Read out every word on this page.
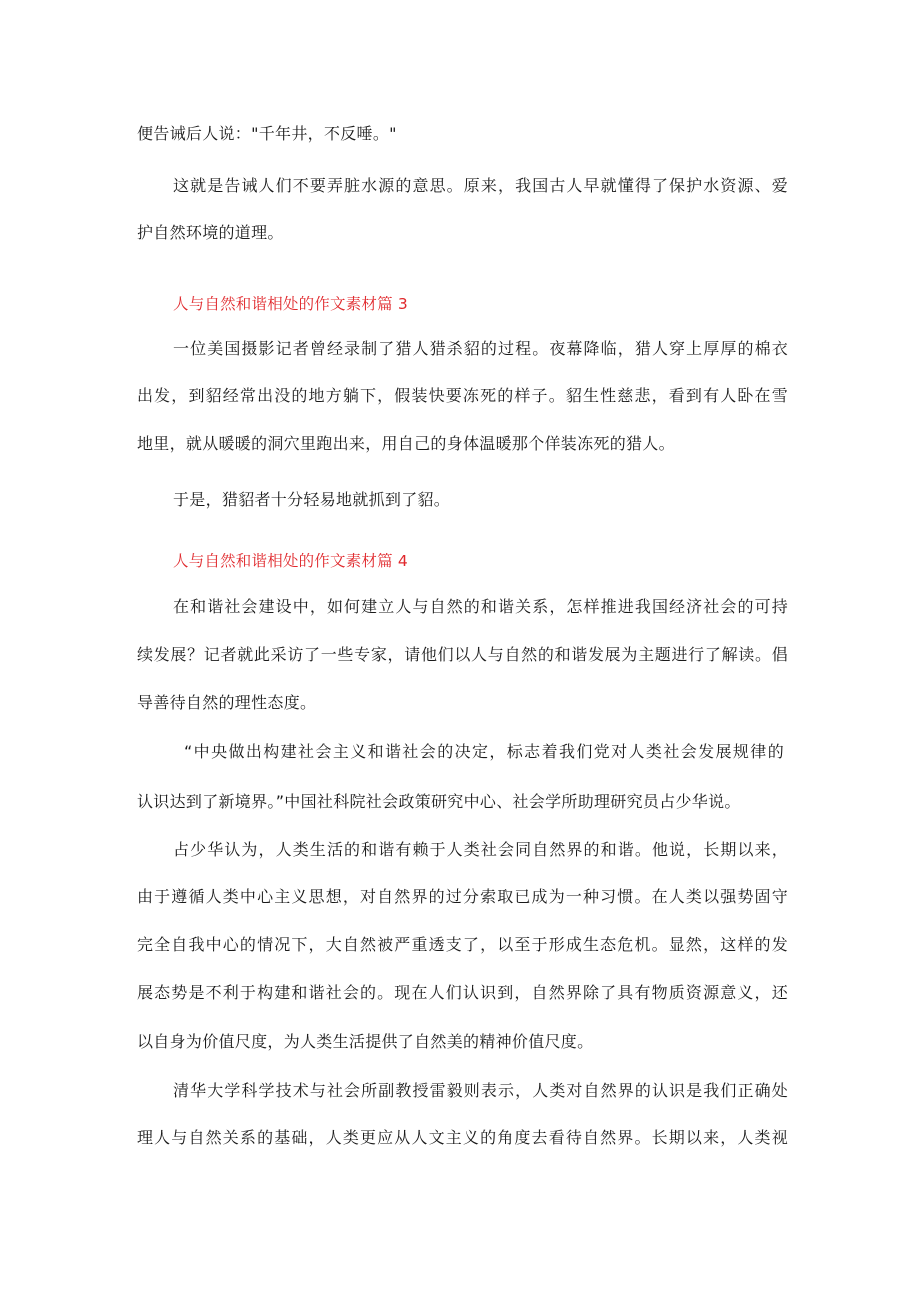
便告诫后人说："千年井，不反唾。"
这就是告诫人们不要弄脏水源的意思。原来，我国古人早就懂得了保护水资源、爱
护自然环境的道理。
人与自然和谐相处的作文素材篇 3
一位美国摄影记者曾经录制了猎人猎杀貂的过程。夜幕降临，猎人穿上厚厚的棉衣
出发，到貂经常出没的地方躺下，假装快要冻死的样子。貂生性慈悲，看到有人卧在雪
地里，就从暖暖的洞穴里跑出来，用自己的身体温暖那个佯装冻死的猎人。
于是，猎貂者十分轻易地就抓到了貂。
人与自然和谐相处的作文素材篇 4
在和谐社会建设中，如何建立人与自然的和谐关系，怎样推进我国经济社会的可持
续发展？记者就此采访了一些专家，请他们以人与自然的和谐发展为主题进行了解读。倡
导善待自然的理性态度。
“中央做出构建社会主义和谐社会的决定，标志着我们党对人类社会发展规律的
认识达到了新境界。”中国社科院社会政策研究中心、社会学所助理研究员占少华说。
占少华认为，人类生活的和谐有赖于人类社会同自然界的和谐。他说，长期以来，
由于遵循人类中心主义思想，对自然界的过分索取已成为一种习惯。在人类以强势固守
完全自我中心的情况下，大自然被严重透支了，以至于形成生态危机。显然，这样的发
展态势是不利于构建和谐社会的。现在人们认识到，自然界除了具有物质资源意义，还
以自身为价值尺度，为人类生活提供了自然美的精神价值尺度。
清华大学科学技术与社会所副教授雷毅则表示，人类对自然界的认识是我们正确处
理人与自然关系的基础，人类更应从人文主义的角度去看待自然界。长期以来，人类视
